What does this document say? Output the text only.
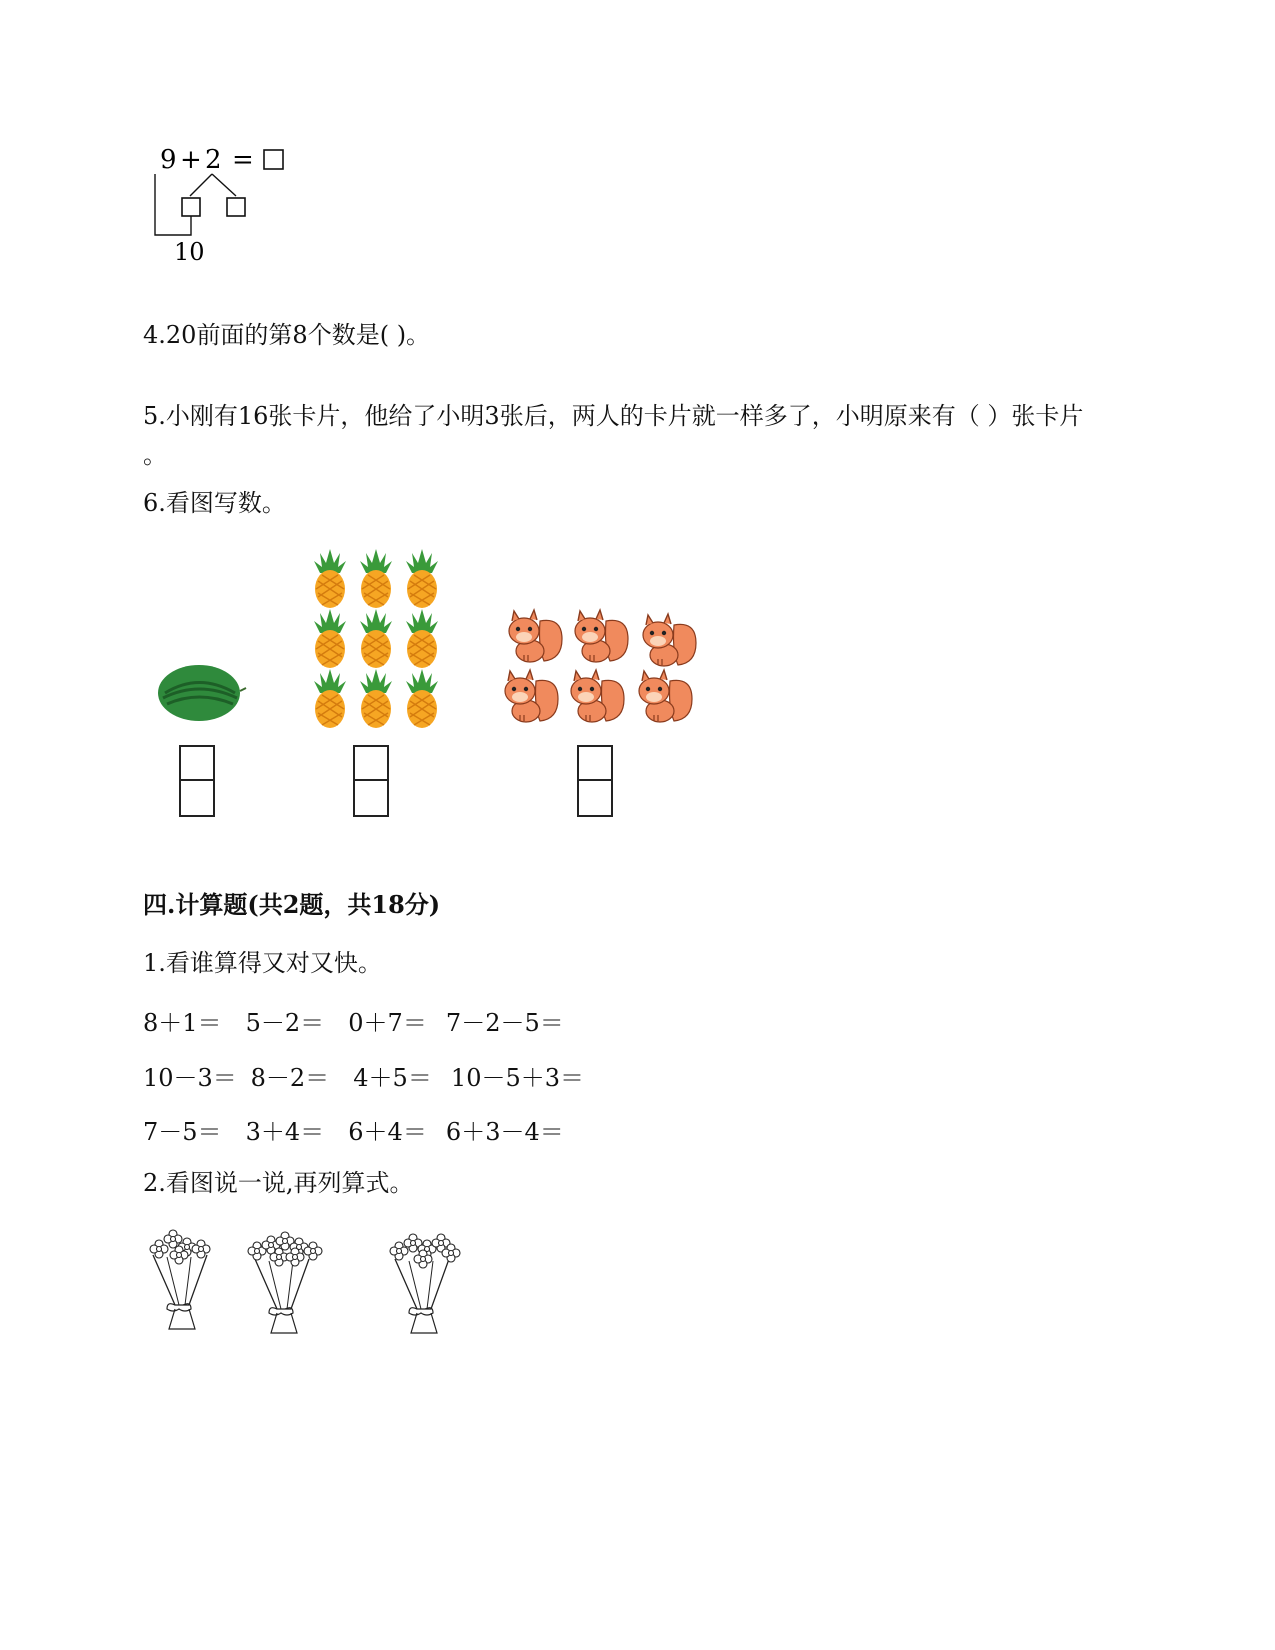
9 + 2 =
10
4.20前面的第8个数是( )。
5.小刚有16张卡片，他给了小明3张后，两人的卡片就一样多了，小明原来有（ ）张卡片
。
6.看图写数。
四.计算题(共2题，共18分)
1.看谁算得又对又快。
8＋1＝ 5－2＝ 0＋7＝ 7－2－5＝
10－3＝ 8－2＝ 4＋5＝ 10－5＋3＝
7－5＝ 3＋4＝ 6＋4＝ 6＋3－4＝
2.看图说一说,再列算式。
